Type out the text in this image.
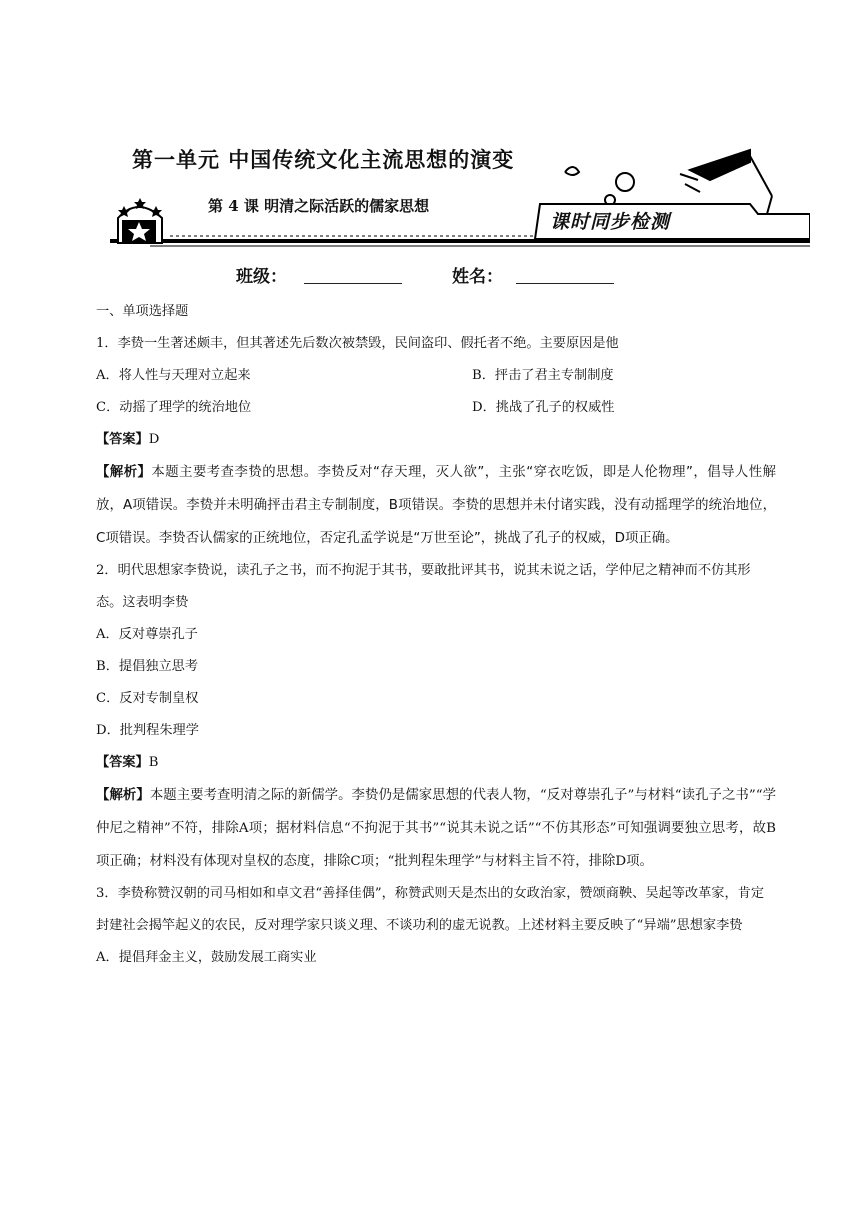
第一单元 中国传统文化主流思想的演变
第 4 课 明清之际活跃的儒家思想
课时同步检测
班级：	姓名：

一、单项选择题

1．李贽一生著述颇丰，但其著述先后数次被禁毁，民间盗印、假托者不绝。主要原因是他

A．将人性与天理对立起来	B．抨击了君主专制制度
C．动摇了理学的统治地位	D．挑战了孔子的权威性

【答案】D

【解析】本题主要考查李贽的思想。李贽反对“存天理，灭人欲”，主张“穿衣吃饭，即是人伦物理”，倡导人性解放，A项错误。李贽并未明确抨击君主专制制度，B项错误。李贽的思想并未付诸实践，没有动摇理学的统治地位，C项错误。李贽否认儒家的正统地位，否定孔孟学说是“万世至论”，挑战了孔子的权威，D项正确。

2．明代思想家李贽说，读孔子之书，而不拘泥于其书，要敢批评其书，说其未说之话，学仲尼之精神而不仿其形态。这表明李贽

A．反对尊崇孔子

B．提倡独立思考

C．反对专制皇权

D．批判程朱理学

【答案】B

【解析】本题主要考查明清之际的新儒学。李贽仍是儒家思想的代表人物，“反对尊崇孔子”与材料“读孔子之书”“学仲尼之精神”不符，排除A项；据材料信息“不拘泥于其书”“说其未说之话”“不仿其形态”可知强调要独立思考，故B项正确；材料没有体现对皇权的态度，排除C项；“批判程朱理学”与材料主旨不符，排除D项。

3．李贽称赞汉朝的司马相如和卓文君“善择佳偶”，称赞武则天是杰出的女政治家，赞颂商鞅、吴起等改革家，肯定封建社会揭竿起义的农民，反对理学家只谈义理、不谈功利的虚无说教。上述材料主要反映了“异端”思想家李贽

A．提倡拜金主义，鼓励发展工商实业
